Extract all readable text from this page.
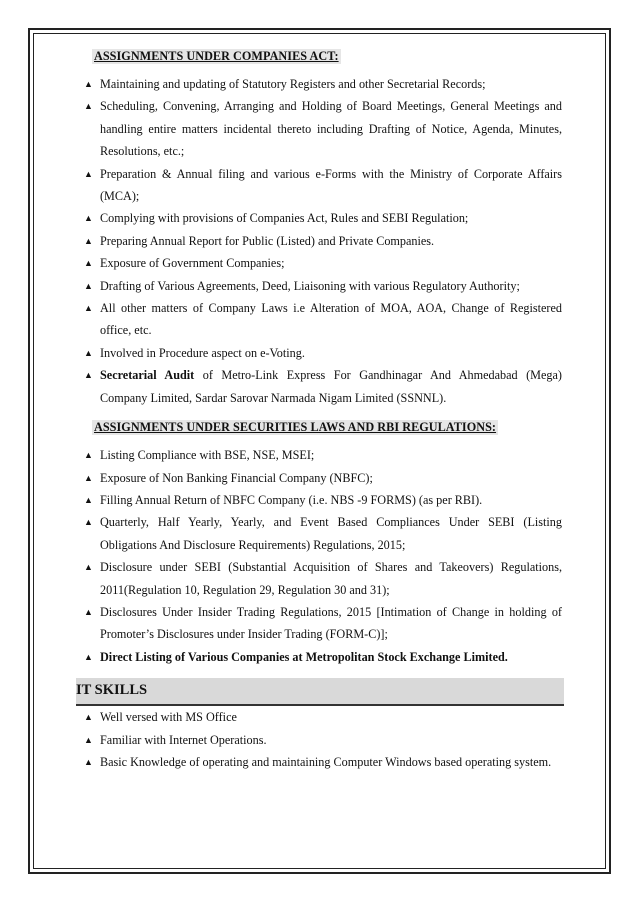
ASSIGNMENTS UNDER COMPANIES ACT:
▲ Maintaining and updating of Statutory Registers and other Secretarial Records;
▲ Scheduling, Convening, Arranging and Holding of Board Meetings, General Meetings and handling entire matters incidental thereto including Drafting of Notice, Agenda, Minutes, Resolutions, etc.;
▲ Preparation & Annual filing and various e-Forms with the Ministry of Corporate Affairs (MCA);
▲ Complying with provisions of Companies Act, Rules and SEBI Regulation;
▲ Preparing Annual Report for Public (Listed) and Private Companies.
▲ Exposure of Government Companies;
▲ Drafting of Various Agreements, Deed, Liaisoning with various Regulatory Authority;
▲ All other matters of Company Laws i.e Alteration of MOA, AOA, Change of Registered office, etc.
▲ Involved in Procedure aspect on e-Voting.
▲ Secretarial Audit of Metro-Link Express For Gandhinagar And Ahmedabad (Mega) Company Limited, Sardar Sarovar Narmada Nigam Limited (SSNNL).
ASSIGNMENTS UNDER SECURITIES LAWS AND RBI REGULATIONS:
▲ Listing Compliance with BSE, NSE, MSEI;
▲ Exposure of Non Banking Financial Company (NBFC);
▲ Filling Annual Return of NBFC Company (i.e. NBS -9 FORMS) (as per RBI).
▲ Quarterly, Half Yearly, Yearly, and Event Based Compliances Under SEBI (Listing Obligations And Disclosure Requirements) Regulations, 2015;
▲ Disclosure under SEBI (Substantial Acquisition of Shares and Takeovers) Regulations, 2011(Regulation 10, Regulation 29, Regulation 30 and 31);
▲ Disclosures Under Insider Trading Regulations, 2015 [Intimation of Change in holding of Promoter’s Disclosures under Insider Trading (FORM-C)];
▲ Direct Listing of Various Companies at Metropolitan Stock Exchange Limited.
IT SKILLS
▲ Well versed with MS Office
▲ Familiar with Internet Operations.
▲ Basic Knowledge of operating and maintaining Computer Windows based operating system.
